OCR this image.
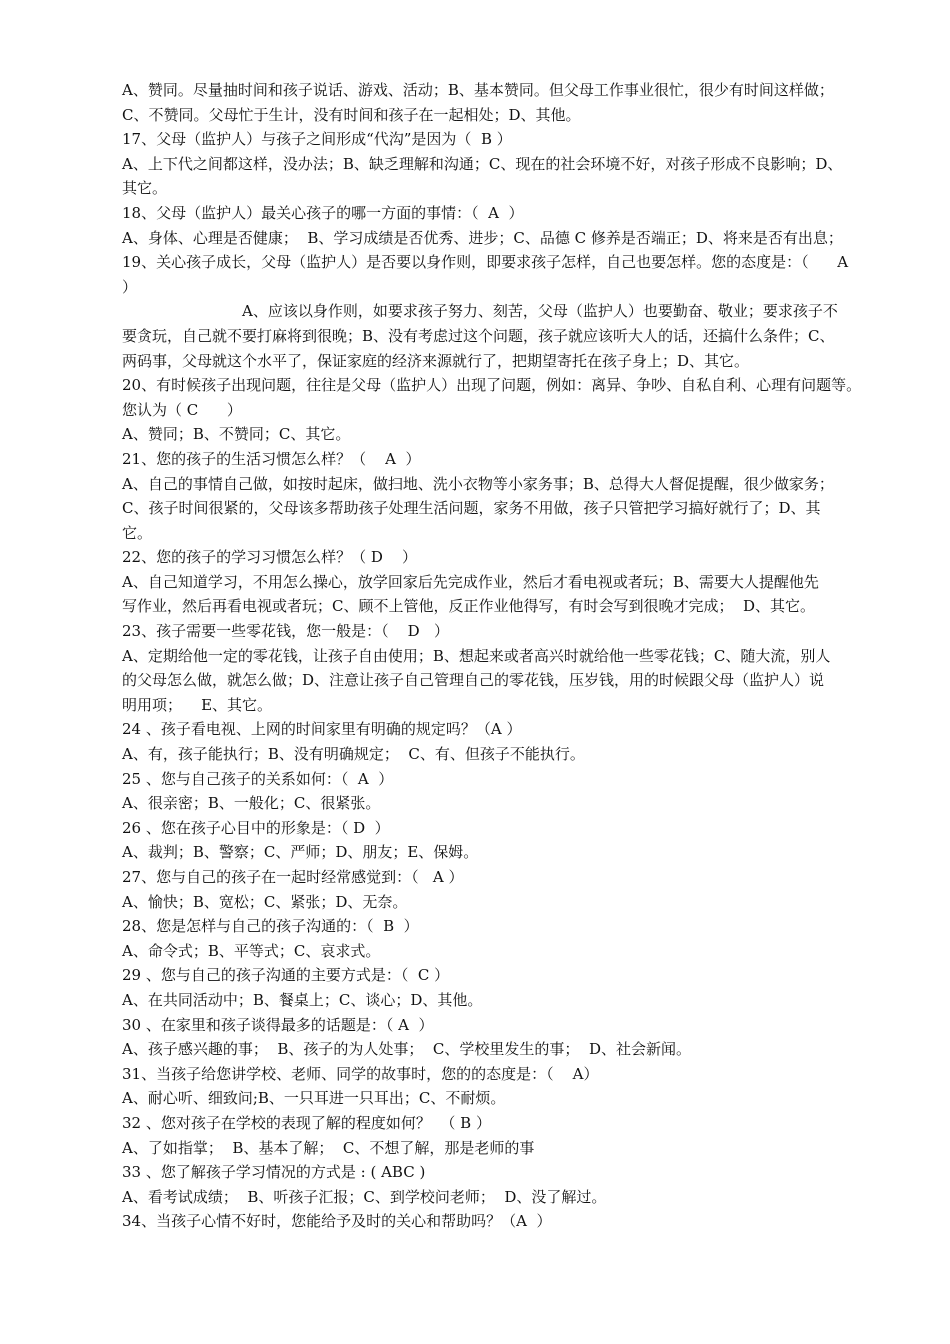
A、赞同。尽量抽时间和孩子说话、游戏、活动；B、基本赞同。但父母工作事业很忙，很少有时间这样做；
C、不赞同。父母忙于生计，没有时间和孩子在一起相处；D、其他。
17、父母（监护人）与孩子之间形成“代沟”是因为（  B ）
A、上下代之间都这样，没办法；B、缺乏理解和沟通；C、现在的社会环境不好，对孩子形成不良影响；D、
其它。
18、父母（监护人）最关心孩子的哪一方面的事情：（  A  ）
A、身体、心理是否健康；  B、学习成绩是否优秀、进步；C、品德 C 修养是否端正；D、将来是否有出息；
19、关心孩子成长，父母（监护人）是否要以身作则，即要求孩子怎样，自己也要怎样。您的态度是：（      A
）
A、应该以身作则，如要求孩子努力、刻苦，父母（监护人）也要勤奋、敬业；要求孩子不
要贪玩，自己就不要打麻将到很晚；B、没有考虑过这个问题，孩子就应该听大人的话，还搞什么条件；C、
两码事，父母就这个水平了，保证家庭的经济来源就行了，把期望寄托在孩子身上；D、其它。
20、有时候孩子出现问题，往往是父母（监护人）出现了问题，例如：离异、争吵、自私自利、心理有问题等。
您认为（ C      ）
A、赞同；B、不赞同；C、其它。
21、您的孩子的生活习惯怎么样？（    A  ）
A、自己的事情自己做，如按时起床，做扫地、洗小衣物等小家务事；B、总得大人督促提醒，很少做家务；
C、孩子时间很紧的，父母该多帮助孩子处理生活问题，家务不用做，孩子只管把学习搞好就行了；D、其
它。
22、您的孩子的学习习惯怎么样？（ D    ）
A、自己知道学习，不用怎么操心，放学回家后先完成作业，然后才看电视或者玩；B、需要大人提醒他先
写作业，然后再看电视或者玩；C、顾不上管他，反正作业他得写，有时会写到很晚才完成；  D、其它。
23、孩子需要一些零花钱，您一般是：（    D   ）
A、定期给他一定的零花钱，让孩子自由使用；B、想起来或者高兴时就给他一些零花钱；C、随大流，别人
的父母怎么做，就怎么做；D、注意让孩子自己管理自己的零花钱，压岁钱，用的时候跟父母（监护人）说
明用项；    E、其它。
24 、孩子看电视、上网的时间家里有明确的规定吗？（A ）
A、有，孩子能执行；B、没有明确规定；  C、有、但孩子不能执行。
25 、您与自己孩子的关系如何：（  A  ）
A、很亲密；B、一般化；C、很紧张。
26 、您在孩子心目中的形象是：（ D  ）
A、裁判；B、警察；C、严师；D、朋友；E、保姆。
27、您与自己的孩子在一起时经常感觉到：（   A ）
A、愉快；B、宽松；C、紧张；D、无奈。
28、您是怎样与自己的孩子沟通的：（  B  ）
A、命令式；B、平等式；C、哀求式。
29 、您与自己的孩子沟通的主要方式是：（  C ）
A、在共同活动中；B、餐桌上；C、谈心；D、其他。
30 、在家里和孩子谈得最多的话题是：（ A  ）
A、孩子感兴趣的事；  B、孩子的为人处事；  C、学校里发生的事；  D、社会新闻。
31、当孩子给您讲学校、老师、同学的故事时，您的的态度是：（    A）
A、耐心听、细致问;B、一只耳进一只耳出；C、不耐烦。
32 、您对孩子在学校的表现了解的程度如何？  （ B ）
A、了如指掌；  B、基本了解；  C、不想了解，那是老师的事
33 、您了解孩子学习情况的方式是 : ( ABC )
A、看考试成绩；  B、听孩子汇报；C、到学校问老师；  D、没了解过。
34、当孩子心情不好时，您能给予及时的关心和帮助吗？（A  ）
